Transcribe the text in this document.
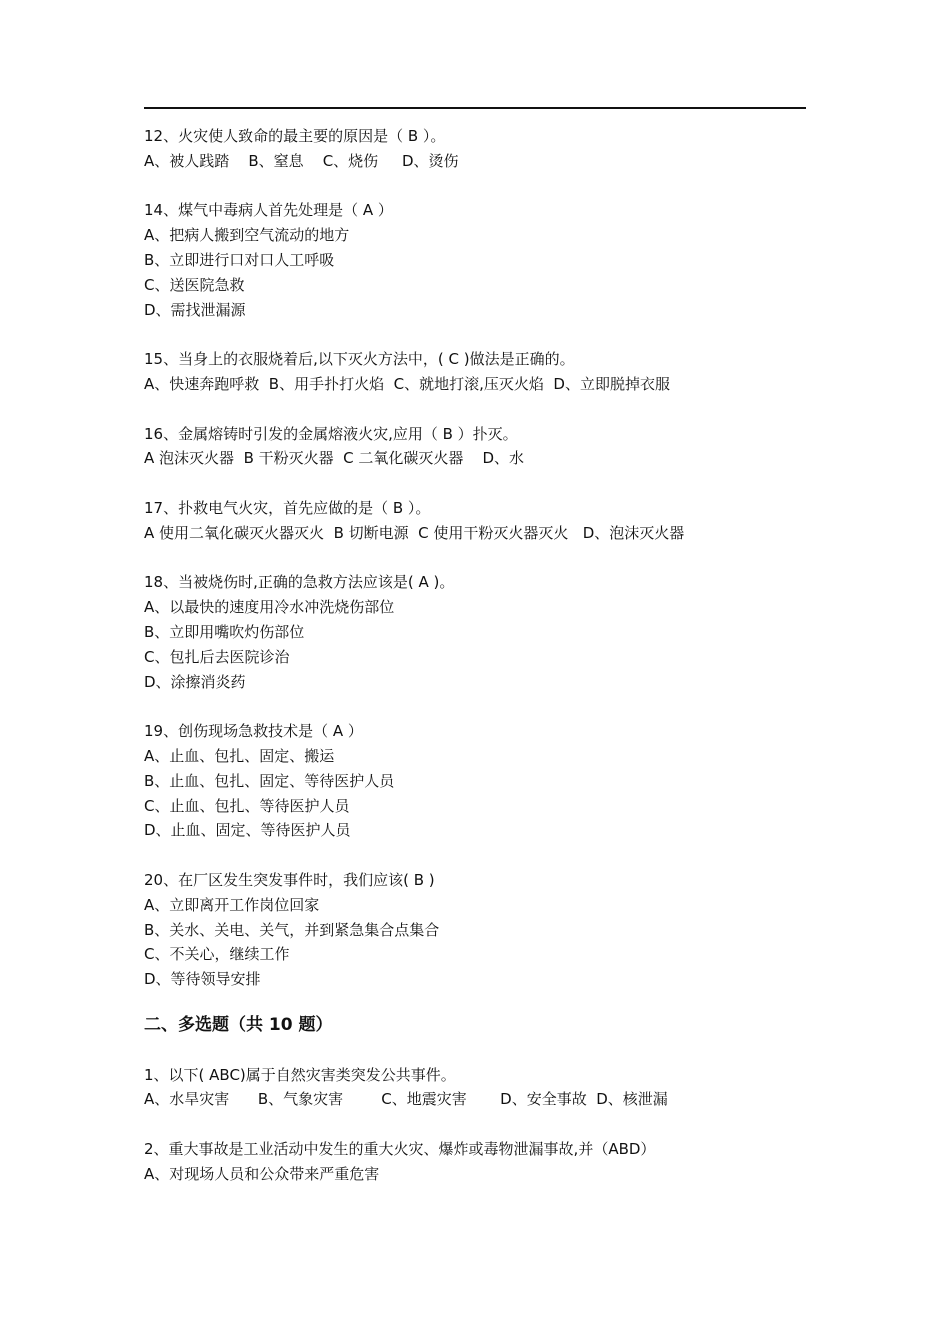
12、火灾使人致命的最主要的原因是（ B ）。
A、被人践踏    B、窒息    C、烧伤     D、烫伤
14、煤气中毒病人首先处理是（ A ）
A、把病人搬到空气流动的地方
B、立即进行口对口人工呼吸
C、送医院急救
D、需找泄漏源
15、当身上的衣服烧着后,以下灭火方法中，( C )做法是正确的。
A、快速奔跑呼救  B、用手扑打火焰  C、就地打滚,压灭火焰  D、立即脱掉衣服
16、金属熔铸时引发的金属熔液火灾,应用（ B ）扑灭。
A 泡沫灭火器  B 干粉灭火器  C 二氧化碳灭火器    D、水
17、扑救电气火灾，首先应做的是（ B ）。
A 使用二氧化碳灭火器灭火  B 切断电源  C 使用干粉灭火器灭火   D、泡沫灭火器
18、当被烧伤时,正确的急救方法应该是( A )。
A、以最快的速度用冷水冲洗烧伤部位
B、立即用嘴吹灼伤部位
C、包扎后去医院诊治
D、涂擦消炎药
19、创伤现场急救技术是（ A ）
A、止血、包扎、固定、搬运
B、止血、包扎、固定、等待医护人员
C、止血、包扎、等待医护人员
D、止血、固定、等待医护人员
20、在厂区发生突发事件时，我们应该( B )
A、立即离开工作岗位回家
B、关水、关电、关气，并到紧急集合点集合
C、不关心，继续工作
D、等待领导安排
二、多选题（共 10 题）
1、以下( ABC)属于自然灾害类突发公共事件。
A、水旱灾害      B、气象灾害        C、地震灾害       D、安全事故  D、核泄漏
2、重大事故是工业活动中发生的重大火灾、爆炸或毒物泄漏事故,并（ABD）
A、对现场人员和公众带来严重危害
